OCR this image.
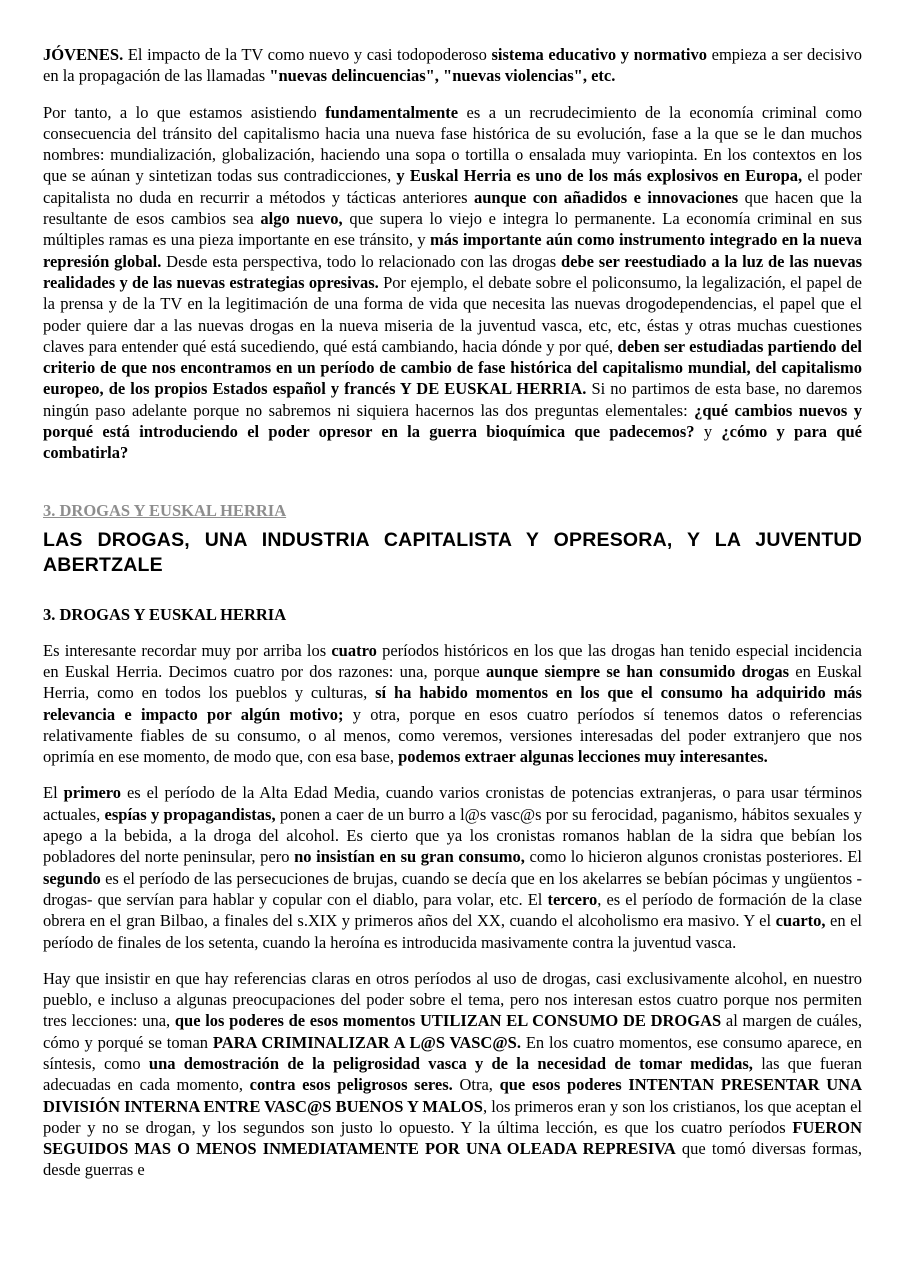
JÓVENES. El impacto de la TV como nuevo y casi todopoderoso sistema educativo y normativo empieza a ser decisivo en la propagación de las llamadas "nuevas delincuencias", "nuevas violencias", etc.

Por tanto, a lo que estamos asistiendo fundamentalmente es a un recrudecimiento de la economía criminal como consecuencia del tránsito del capitalismo hacia una nueva fase histórica de su evolución, fase a la que se le dan muchos nombres: mundialización, globalización, haciendo una sopa o tortilla o ensalada muy variopinta. En los contextos en los que se aúnan y sintetizan todas sus contradicciones, y Euskal Herria es uno de los más explosivos en Europa, el poder capitalista no duda en recurrir a métodos y tácticas anteriores aunque con añadidos e innovaciones que hacen que la resultante de esos cambios sea algo nuevo, que supera lo viejo e integra lo permanente. La economía criminal en sus múltiples ramas es una pieza importante en ese tránsito, y más importante aún como instrumento integrado en la nueva represión global. Desde esta perspectiva, todo lo relacionado con las drogas debe ser reestudiado a la luz de las nuevas realidades y de las nuevas estrategias opresivas. Por ejemplo, el debate sobre el policonsumo, la legalización, el papel de la prensa y de la TV en la legitimación de una forma de vida que necesita las nuevas drogodependencias, el papel que el poder quiere dar a las nuevas drogas en la nueva miseria de la juventud vasca, etc, etc, éstas y otras muchas cuestiones claves para entender qué está sucediendo, qué está cambiando, hacia dónde y por qué, deben ser estudiadas partiendo del criterio de que nos encontramos en un período de cambio de fase histórica del capitalismo mundial, del capitalismo europeo, de los propios Estados español y francés Y DE EUSKAL HERRIA. Si no partimos de esta base, no daremos ningún paso adelante porque no sabremos ni siquiera hacernos las dos preguntas elementales: ¿qué cambios nuevos y porqué está introduciendo el poder opresor en la guerra bioquímica que padecemos? y ¿cómo y para qué combatirla?

3. DROGAS Y EUSKAL HERRIA
LAS DROGAS, UNA INDUSTRIA CAPITALISTA Y OPRESORA, Y LA JUVENTUD ABERTZALE
3. DROGAS Y EUSKAL HERRIA

Es interesante recordar muy por arriba los cuatro períodos históricos en los que las drogas han tenido especial incidencia en Euskal Herria. Decimos cuatro por dos razones: una, porque aunque siempre se han consumido drogas en Euskal Herria, como en todos los pueblos y culturas, sí ha habido momentos en los que el consumo ha adquirido más relevancia e impacto por algún motivo; y otra, porque en esos cuatro períodos sí tenemos datos o referencias relativamente fiables de su consumo, o al menos, como veremos, versiones interesadas del poder extranjero que nos oprimía en ese momento, de modo que, con esa base, podemos extraer algunas lecciones muy interesantes.

El primero es el período de la Alta Edad Media, cuando varios cronistas de potencias extranjeras, o para usar términos actuales, espías y propagandistas, ponen a caer de un burro a l@s vasc@s por su ferocidad, paganismo, hábitos sexuales y apego a la bebida, a la droga del alcohol. Es cierto que ya los cronistas romanos hablan de la sidra que bebían los pobladores del norte peninsular, pero no insistían en su gran consumo, como lo hicieron algunos cronistas posteriores. El segundo es el período de las persecuciones de brujas, cuando se decía que en los akelarres se bebían pócimas y ungüentos -drogas- que servían para hablar y copular con el diablo, para volar, etc. El tercero, es el período de formación de la clase obrera en el gran Bilbao, a finales del s.XIX y primeros años del XX, cuando el alcoholismo era masivo. Y el cuarto, en el período de finales de los setenta, cuando la heroína es introducida masivamente contra la juventud vasca.

Hay que insistir en que hay referencias claras en otros períodos al uso de drogas, casi exclusivamente alcohol, en nuestro pueblo, e incluso a algunas preocupaciones del poder sobre el tema, pero nos interesan estos cuatro porque nos permiten tres lecciones: una, que los poderes de esos momentos UTILIZAN EL CONSUMO DE DROGAS al margen de cuáles, cómo y porqué se toman PARA CRIMINALIZAR A L@S VASC@S. En los cuatro momentos, ese consumo aparece, en síntesis, como una demostración de la peligrosidad vasca y de la necesidad de tomar medidas, las que fueran adecuadas en cada momento, contra esos peligrosos seres. Otra, que esos poderes INTENTAN PRESENTAR UNA DIVISIÓN INTERNA ENTRE VASC@S BUENOS Y MALOS, los primeros eran y son los cristianos, los que aceptan el poder y no se drogan, y los segundos son justo lo opuesto. Y la última lección, es que los cuatro períodos FUERON SEGUIDOS MAS O MENOS INMEDIATAMENTE POR UNA OLEADA REPRESIVA que tomó diversas formas, desde guerras e
